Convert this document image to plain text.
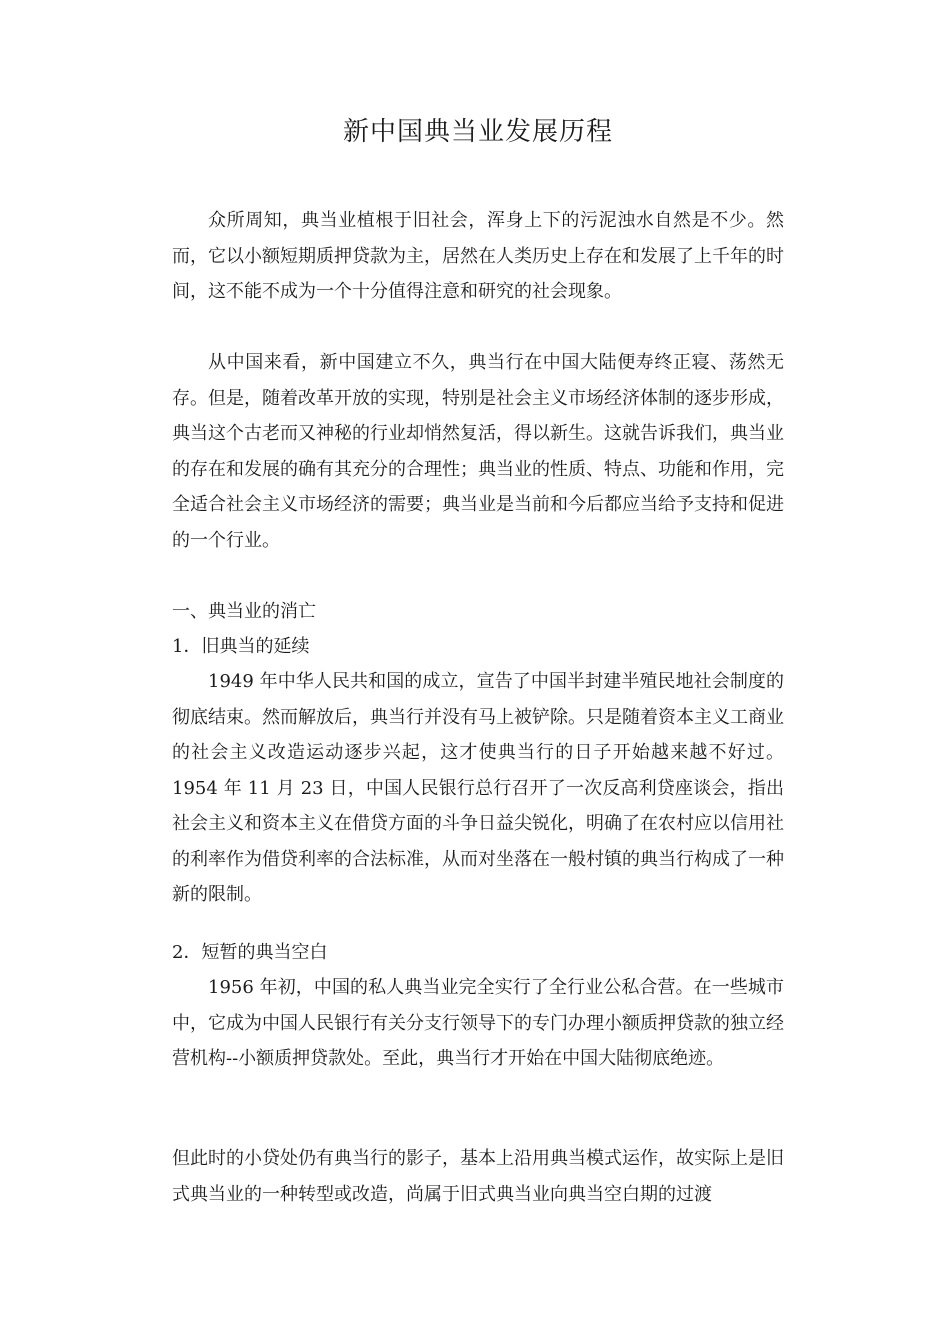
新中国典当业发展历程

众所周知，典当业植根于旧社会，浑身上下的污泥浊水自然是不少。然而，它以小额短期质押贷款为主，居然在人类历史上存在和发展了上千年的时间，这不能不成为一个十分值得注意和研究的社会现象。

从中国来看，新中国建立不久，典当行在中国大陆便寿终正寝、荡然无存。但是，随着改革开放的实现，特别是社会主义市场经济体制的逐步形成，典当这个古老而又神秘的行业却悄然复活，得以新生。这就告诉我们，典当业的存在和发展的确有其充分的合理性；典当业的性质、特点、功能和作用，完全适合社会主义市场经济的需要；典当业是当前和今后都应当给予支持和促进的一个行业。

一、典当业的消亡
1．旧典当的延续

1949 年中华人民共和国的成立，宣告了中国半封建半殖民地社会制度的彻底结束。然而解放后，典当行并没有马上被铲除。只是随着资本主义工商业的社会主义改造运动逐步兴起，这才使典当行的日子开始越来越不好过。1954 年 11 月 23 日，中国人民银行总行召开了一次反高利贷座谈会，指出社会主义和资本主义在借贷方面的斗争日益尖锐化，明确了在农村应以信用社的利率作为借贷利率的合法标准，从而对坐落在一般村镇的典当行构成了一种新的限制。

2．短暂的典当空白

1956 年初，中国的私人典当业完全实行了全行业公私合营。在一些城市中，它成为中国人民银行有关分支行领导下的专门办理小额质押贷款的独立经营机构--小额质押贷款处。至此，典当行才开始在中国大陆彻底绝迹。

但此时的小贷处仍有典当行的影子，基本上沿用典当模式运作，故实际上是旧式典当业的一种转型或改造，尚属于旧式典当业向典当空白期的过渡
